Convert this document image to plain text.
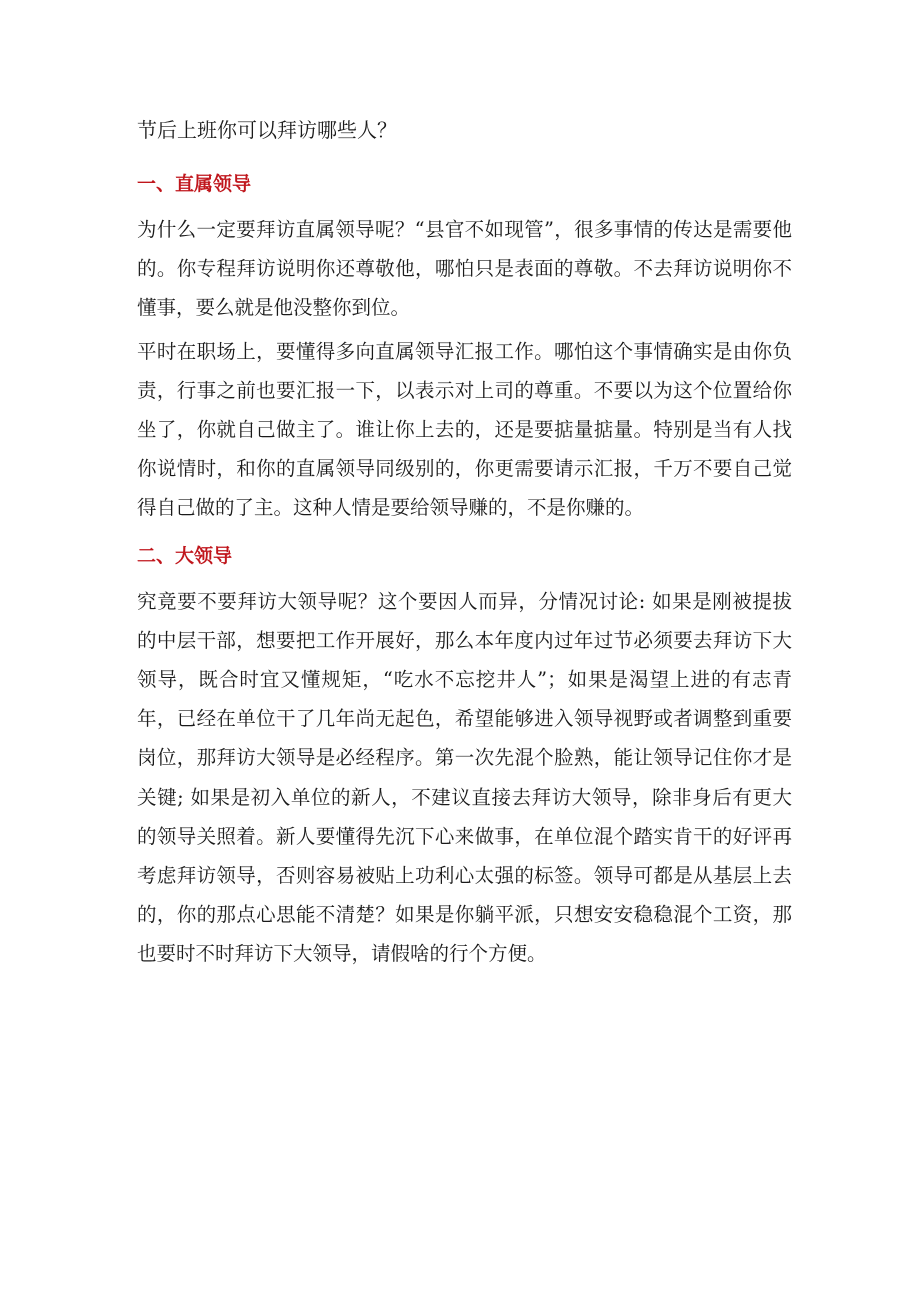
节后上班你可以拜访哪些人？
一、直属领导

为什么一定要拜访直属领导呢？“县官不如现管”，很多事情的传达是需要他的。你专程拜访说明你还尊敬他，哪怕只是表面的尊敬。不去拜访说明你不懂事，要么就是他没整你到位。

平时在职场上，要懂得多向直属领导汇报工作。哪怕这个事情确实是由你负责，行事之前也要汇报一下，以表示对上司的尊重。不要以为这个位置给你坐了，你就自己做主了。谁让你上去的，还是要掂量掂量。特别是当有人找你说情时，和你的直属领导同级别的，你更需要请示汇报，千万不要自己觉得自己做的了主。这种人情是要给领导赚的，不是你赚的。

二、大领导

究竟要不要拜访大领导呢？这个要因人而异，分情况讨论: 如果是刚被提拔的中层干部，想要把工作开展好，那么本年度内过年过节必须要去拜访下大领导，既合时宜又懂规矩，“吃水不忘挖井人”；如果是渴望上进的有志青年，已经在单位干了几年尚无起色，希望能够进入领导视野或者调整到重要岗位，那拜访大领导是必经程序。第一次先混个脸熟，能让领导记住你才是关键; 如果是初入单位的新人，不建议直接去拜访大领导，除非身后有更大的领导关照着。新人要懂得先沉下心来做事，在单位混个踏实肯干的好评再考虑拜访领导，否则容易被贴上功利心太强的标签。领导可都是从基层上去的，你的那点心思能不清楚？如果是你躺平派，只想安安稳稳混个工资，那也要时不时拜访下大领导，请假啥的行个方便。
